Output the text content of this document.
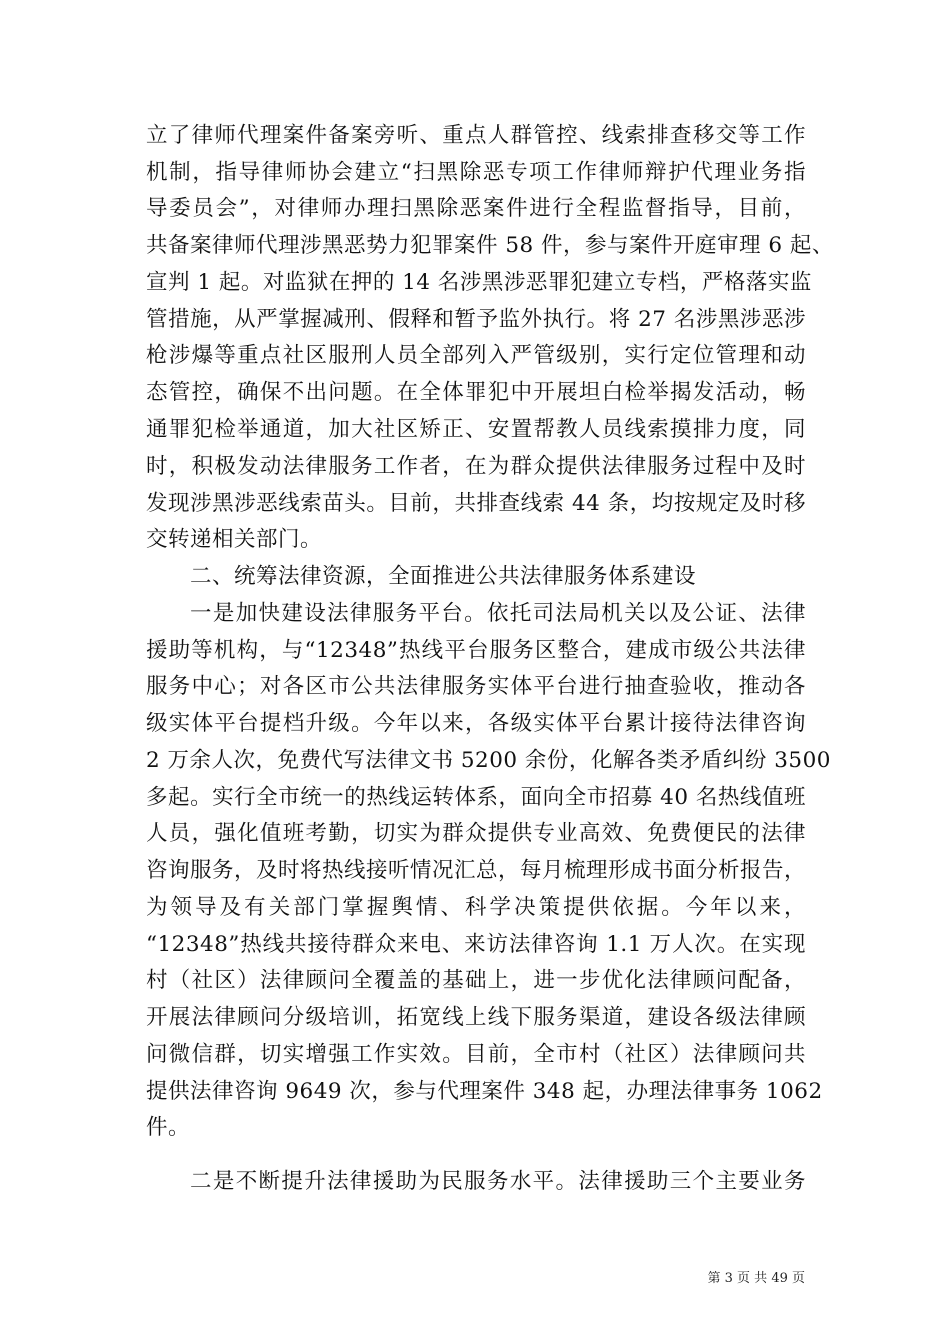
立了律师代理案件备案旁听、重点人群管控、线索排查移交等工作
机制，指导律师协会建立“扫黑除恶专项工作律师辩护代理业务指
导委员会”，对律师办理扫黑除恶案件进行全程监督指导，目前，
共备案律师代理涉黑恶势力犯罪案件 58 件，参与案件开庭审理 6 起、
宣判 1 起。对监狱在押的 14 名涉黑涉恶罪犯建立专档，严格落实监
管措施，从严掌握减刑、假释和暂予监外执行。将 27 名涉黑涉恶涉
枪涉爆等重点社区服刑人员全部列入严管级别，实行定位管理和动
态管控，确保不出问题。在全体罪犯中开展坦白检举揭发活动，畅
通罪犯检举通道，加大社区矫正、安置帮教人员线索摸排力度，同
时，积极发动法律服务工作者，在为群众提供法律服务过程中及时
发现涉黑涉恶线索苗头。目前，共排查线索 44 条，均按规定及时移
交转递相关部门。
二、统筹法律资源，全面推进公共法律服务体系建设
一是加快建设法律服务平台。依托司法局机关以及公证、法律
援助等机构，与“12348”热线平台服务区整合，建成市级公共法律
服务中心；对各区市公共法律服务实体平台进行抽查验收，推动各
级实体平台提档升级。今年以来，各级实体平台累计接待法律咨询
2 万余人次，免费代写法律文书 5200 余份，化解各类矛盾纠纷 3500
多起。实行全市统一的热线运转体系，面向全市招募 40 名热线值班
人员，强化值班考勤，切实为群众提供专业高效、免费便民的法律
咨询服务，及时将热线接听情况汇总，每月梳理形成书面分析报告，
为领导及有关部门掌握舆情、科学决策提供依据。今年以来，
“12348”热线共接待群众来电、来访法律咨询 1.1 万人次。在实现
村（社区）法律顾问全覆盖的基础上，进一步优化法律顾问配备，
开展法律顾问分级培训，拓宽线上线下服务渠道，建设各级法律顾
问微信群，切实增强工作实效。目前，全市村（社区）法律顾问共
提供法律咨询 9649 次，参与代理案件 348 起，办理法律事务 1062
件。
二是不断提升法律援助为民服务水平。法律援助三个主要业务
第 3 页 共 49 页
